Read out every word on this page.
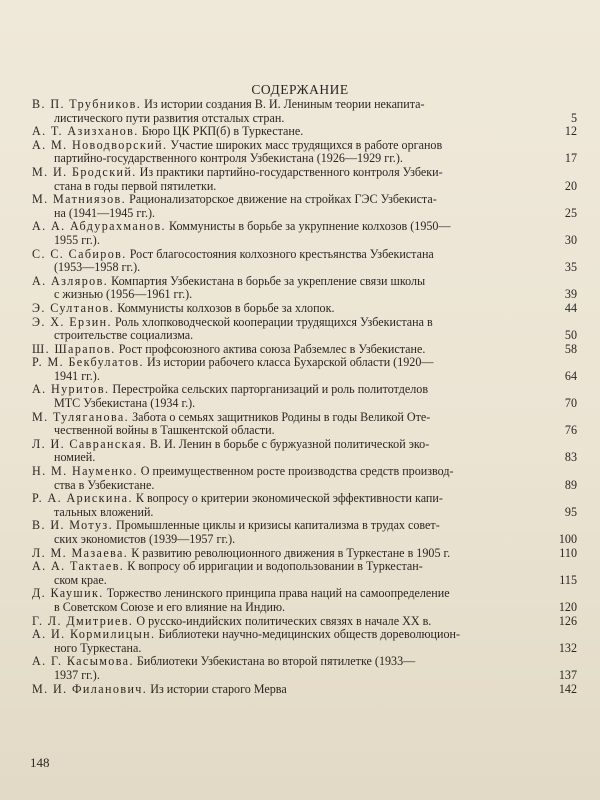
СОДЕРЖАНИЕ
В. П. Трубников. Из истории создания В. И. Лениным теории некапита-
листического пути развития отсталых стран.	5
А. Т. Азизханов. Бюро ЦК РКП(б) в Туркестане.	12
А. М. Новодворский. Участие широких масс трудящихся в работе органов
партийно-государственного контроля Узбекистана (1926—1929 гг.).	17
М. И. Бродский. Из практики партийно-государственного контроля Узбеки-
стана в годы первой пятилетки.	20
М. Матниязов. Рационализаторское движение на стройках ГЭС Узбекиста-
на (1941—1945 гг.).	25
А. А. Абдурахманов. Коммунисты в борьбе за укрупнение колхозов (1950—
1955 гг.).	30
С. С. Сабиров. Рост благосостояния колхозного крестьянства Узбекистана
(1953—1958 гг.).	35
А. Азляров. Компартия Узбекистана в борьбе за укрепление связи школы
с жизнью (1956—1961 гг.).	39
Э. Султанов. Коммунисты колхозов в борьбе за хлопок.	44
Э. Х. Ерзин. Роль хлопководческой кооперации трудящихся Узбекистана в
строительстве социализма.	50
Ш. Шарапов. Рост профсоюзного актива союза Рабземлес в Узбекистане.	58
Р. М. Бекбулатов. Из истории рабочего класса Бухарской области (1920—
1941 гг.).	64
А. Нуритов. Перестройка сельских парторганизаций и роль политотделов
МТС Узбекистана (1934 г.).	70
М. Туляганова. Забота о семьях защитников Родины в годы Великой Оте-
чественной войны в Ташкентской области.	76
Л. И. Савранская. В. И. Ленин в борьбе с буржуазной политической эко-
номией.	83
Н. М. Науменко. О преимущественном росте производства средств производ-
ства в Узбекистане.	89
Р. А. Арискина. К вопросу о критерии экономической эффективности капи-
тальных вложений.	95
В. И. Мотуз. Промышленные циклы и кризисы капитализма в трудах совет-
ских экономистов (1939—1957 гг.).	100
Л. М. Мазаева. К развитию революционного движения в Туркестане в 1905 г.	110
А. А. Тактаев. К вопросу об ирригации и водопользовании в Туркестан-
ском крае.	115
Д. Каушик. Торжество ленинского принципа права наций на самоопределение
в Советском Союзе и его влияние на Индию.	120
Г. Л. Дмитриев. О русско-индийских политических связях в начале XX в.	126
А. И. Кормилицын. Библиотеки научно-медицинских обществ дореволюцион-
ного Туркестана.	132
А. Г. Касымова. Библиотеки Узбекистана во второй пятилетке (1933—
1937 гг.).	137
М. И. Филанович. Из истории старого Мерва	142
148
